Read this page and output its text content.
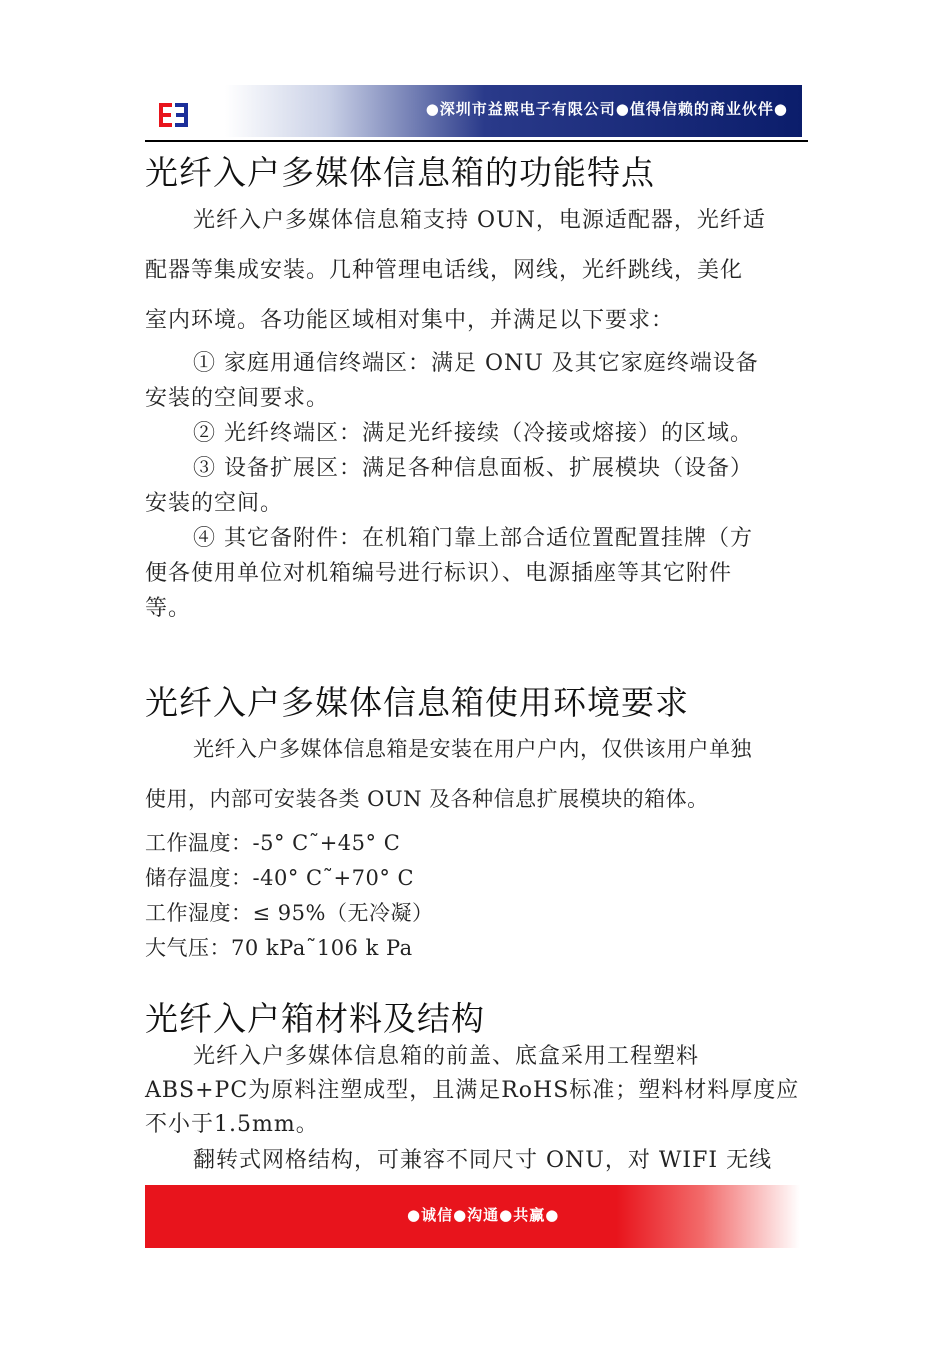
●深圳市益熙电子有限公司●值得信赖的商业伙伴●
光纤入户多媒体信息箱的功能特点
光纤入户多媒体信息箱支持 OUN，电源适配器，光纤适
配器等集成安装。几种管理电话线，网线，光纤跳线，美化
室内环境。各功能区域相对集中，并满足以下要求：
① 家庭用通信终端区：满足 ONU 及其它家庭终端设备
安装的空间要求。
② 光纤终端区：满足光纤接续（冷接或熔接）的区域。
③ 设备扩展区：满足各种信息面板、扩展模块（设备）
安装的空间。
④ 其它备附件：在机箱门靠上部合适位置配置挂牌（方
便各使用单位对机箱编号进行标识）、电源插座等其它附件
等。
光纤入户多媒体信息箱使用环境要求
光纤入户多媒体信息箱是安装在用户户内，仅供该用户单独
使用，内部可安装各类 OUN 及各种信息扩展模块的箱体。
工作温度：-5° C˜+45° C
储存温度：-40° C˜+70° C
工作湿度：≤ 95%（无冷凝）
大气压：70 kPa˜106 k Pa
光纤入户箱材料及结构
光纤入户多媒体信息箱的前盖、底盒采用工程塑料
ABS+PC为原料注塑成型，且满足RoHS标准；塑料材料厚度应
不小于1.5mm。
翻转式网格结构，可兼容不同尺寸 ONU，对 WIFI 无线
●诚信●沟通●共赢●
